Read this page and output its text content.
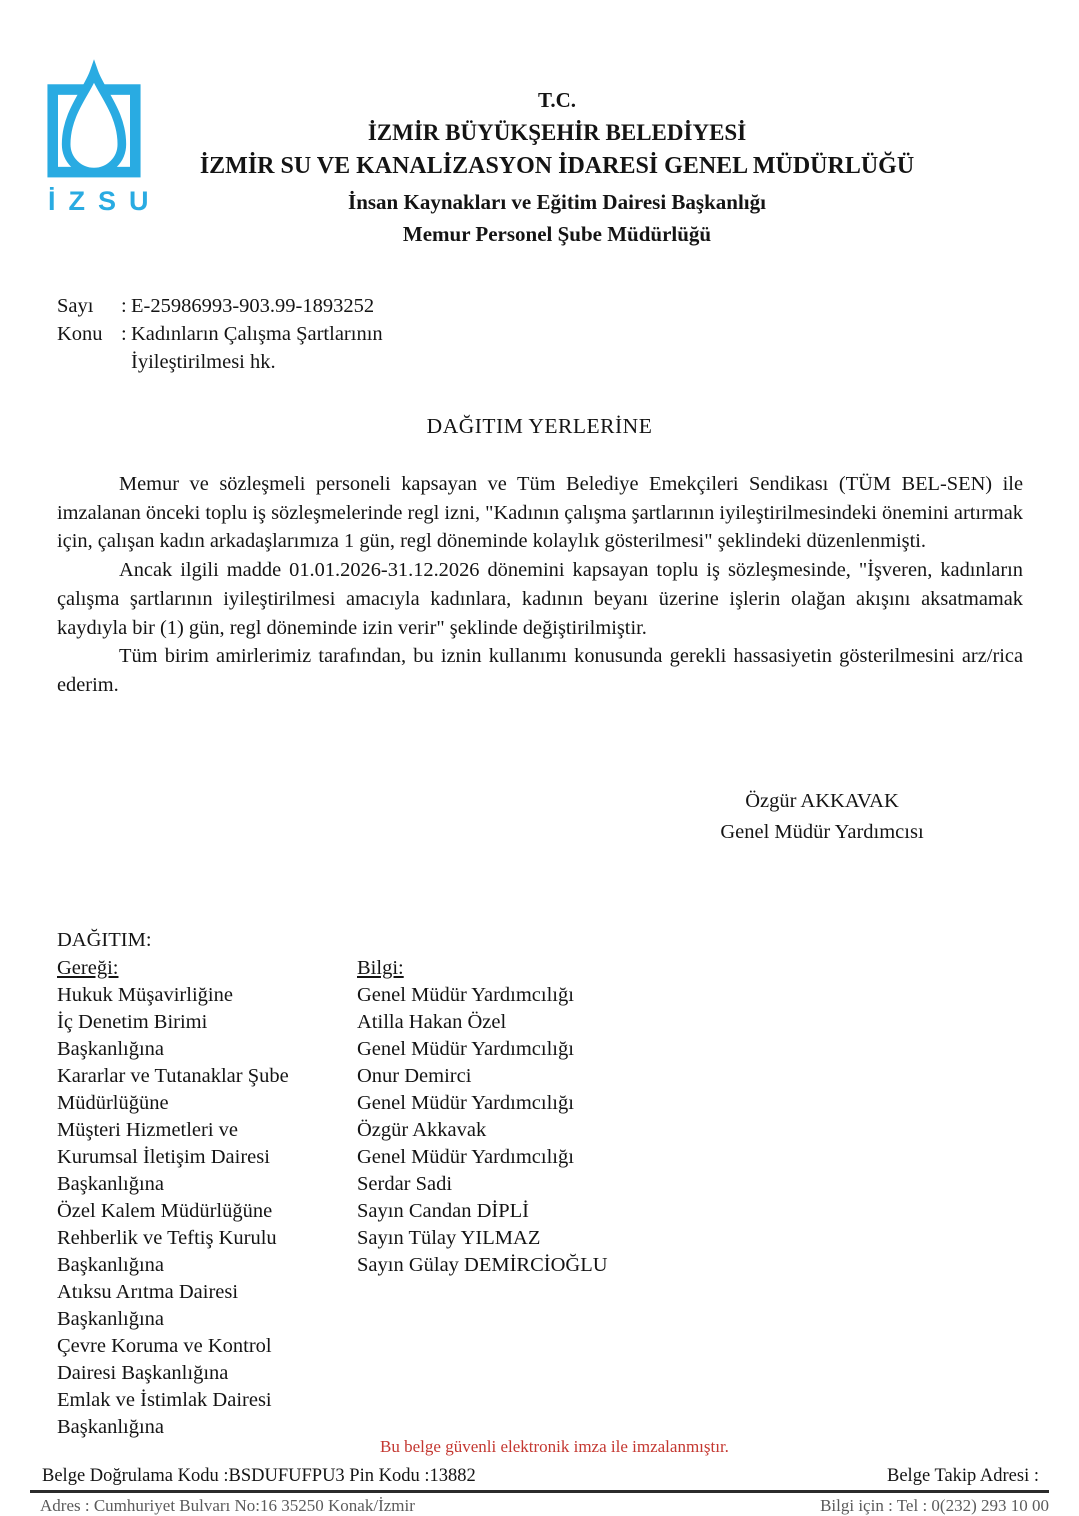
İZSU
T.C.
İZMİR BÜYÜKŞEHİR BELEDİYESİ
İZMİR SU VE KANALİZASYON İDARESİ GENEL MÜDÜRLÜĞÜ
İnsan Kaynakları ve Eğitim Dairesi Başkanlığı
Memur Personel Şube Müdürlüğü
Sayı : E-25986993-903.99-1893252
Konu : Kadınların Çalışma Şartlarının
İyileştirilmesi hk.
DAĞITIM YERLERİNE

Memur ve sözleşmeli personeli kapsayan ve Tüm Belediye Emekçileri Sendikası (TÜM BEL-SEN) ile imzalanan önceki toplu iş sözleşmelerinde regl izni, "Kadının çalışma şartlarının iyileştirilmesindeki önemini artırmak için, çalışan kadın arkadaşlarımıza 1 gün, regl döneminde kolaylık gösterilmesi" şeklindeki düzenlenmişti.

Ancak ilgili madde 01.01.2026-31.12.2026 dönemini kapsayan toplu iş sözleşmesinde, "İşveren, kadınların çalışma şartlarının iyileştirilmesi amacıyla kadınlara, kadının beyanı üzerine işlerin olağan akışını aksatmamak kaydıyla bir (1) gün, regl döneminde izin verir" şeklinde değiştirilmiştir.

Tüm birim amirlerimiz tarafından, bu iznin kullanımı konusunda gerekli hassasiyetin gösterilmesini arz/rica ederim.

Özgür AKKAVAK
Genel Müdür Yardımcısı
DAĞITIM:
Gereği:
Hukuk Müşavirliğine
İç Denetim Birimi
Başkanlığına
Kararlar ve Tutanaklar Şube
Müdürlüğüne
Müşteri Hizmetleri ve
Kurumsal İletişim Dairesi
Başkanlığına
Özel Kalem Müdürlüğüne
Rehberlik ve Teftiş Kurulu
Başkanlığına
Atıksu Arıtma Dairesi
Başkanlığına
Çevre Koruma ve Kontrol
Dairesi Başkanlığına
Emlak ve İstimlak Dairesi
Başkanlığına
Bilgi:
Genel Müdür Yardımcılığı
Atilla Hakan Özel
Genel Müdür Yardımcılığı
Onur Demirci
Genel Müdür Yardımcılığı
Özgür Akkavak
Genel Müdür Yardımcılığı
Serdar Sadi
Sayın Candan DİPLİ
Sayın Tülay YILMAZ
Sayın Gülay DEMİRCİOĞLU
Bu belge güvenli elektronik imza ile imzalanmıştır.
Belge Doğrulama Kodu :BSDUFUFPU3 Pin Kodu :13882	Belge Takip Adresi :
Adres : Cumhuriyet Bulvarı No:16 35250 Konak/İzmir	Bilgi için : Tel : 0(232) 293 10 00
